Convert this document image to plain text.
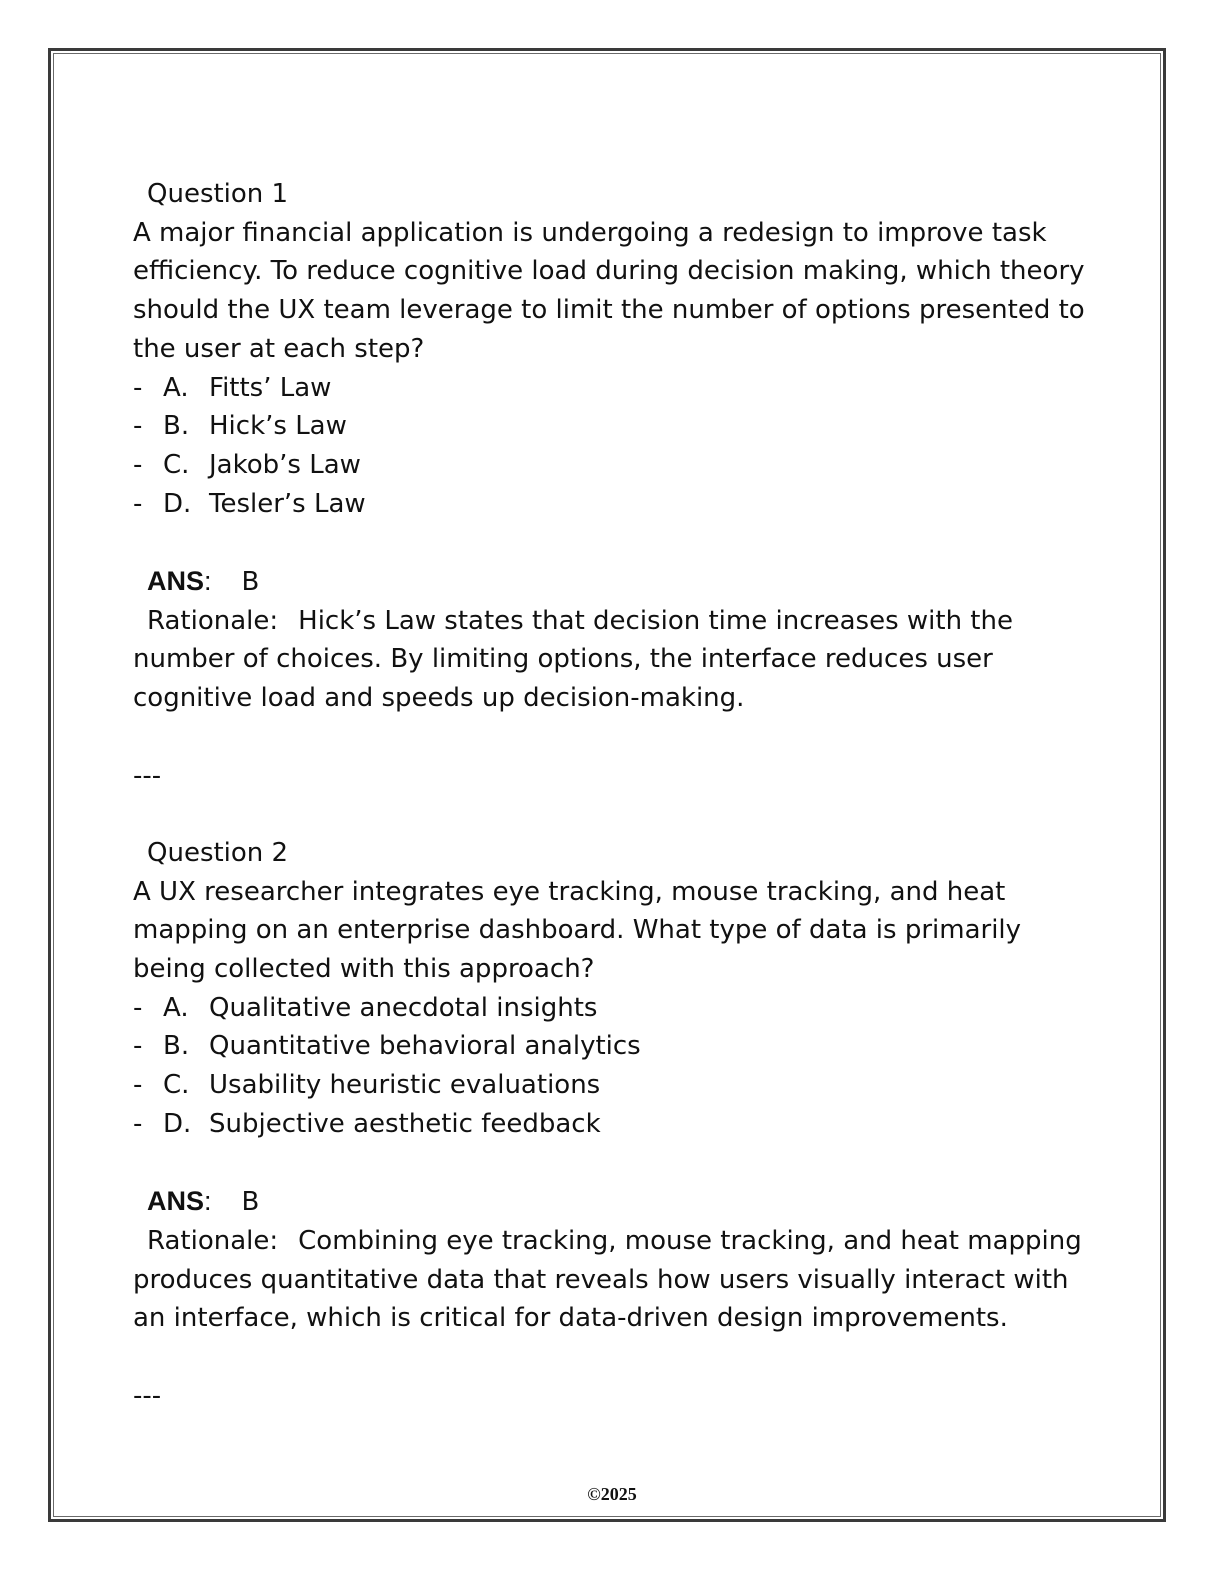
Question 1

A major financial application is undergoing a redesign to improve task efficiency. To reduce cognitive load during decision making, which theory should the UX team leverage to limit the number of options presented to the user at each step?

- A. Fitts’ Law
- B. Hick’s Law
- C. Jakob’s Law
- D. Tesler’s Law

ANS: B

Rationale: Hick’s Law states that decision time increases with the number of choices. By limiting options, the interface reduces user cognitive load and speeds up decision-making.

---

Question 2

A UX researcher integrates eye tracking, mouse tracking, and heat mapping on an enterprise dashboard. What type of data is primarily being collected with this approach?

- A. Qualitative anecdotal insights
- B. Quantitative behavioral analytics
- C. Usability heuristic evaluations
- D. Subjective aesthetic feedback

ANS: B

Rationale: Combining eye tracking, mouse tracking, and heat mapping produces quantitative data that reveals how users visually interact with an interface, which is critical for data-driven design improvements.

---

©2025
